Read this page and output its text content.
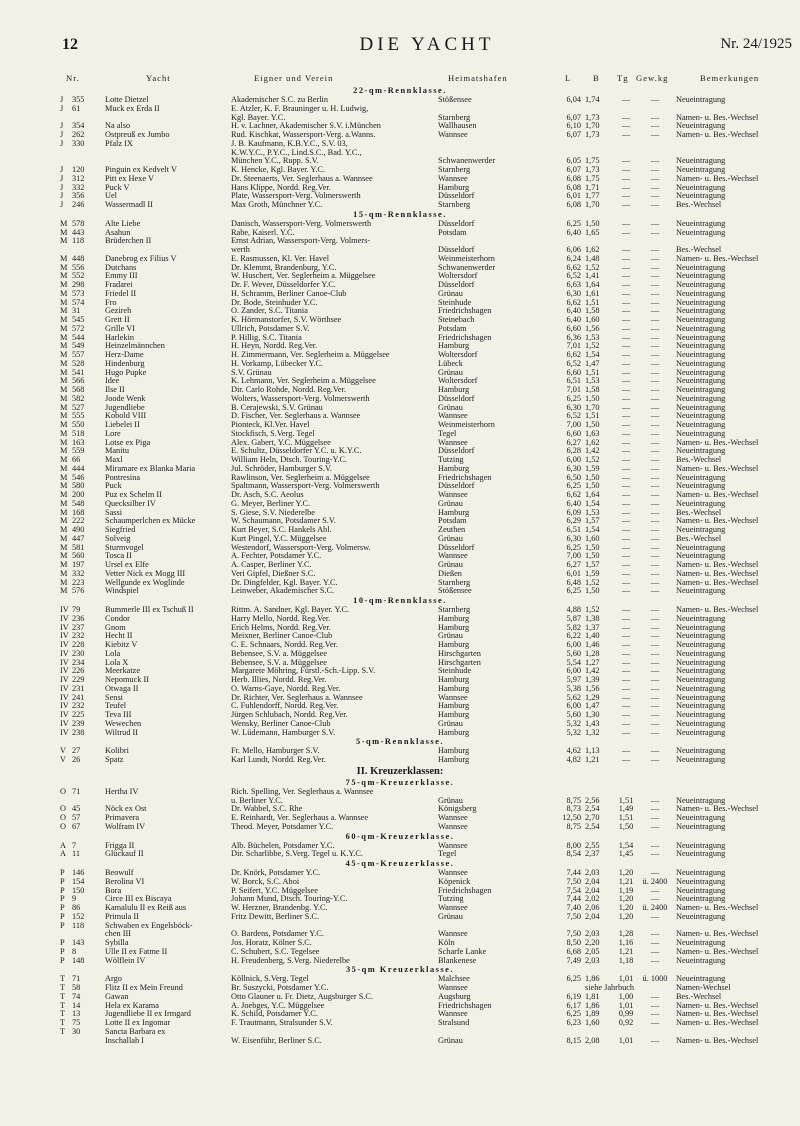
12	DIE YACHT	Nr. 24/1925
Nr.	Yacht	Eigner und Verein	Heimatshafen	L	B Tg Gew.kg	Bemerkungen
22-qm-Rennklasse.
J	355	Lotte Dietzel	Akademischer S.C. zu Berlin	Stößensee	6,04 1,74	—	—	Neueintragung
J	61	Muck ex Erda II	E. Atzler, K. F. Brauninger u. H. Ludwig,
Kgl. Bayer. Y.C.	Starnberg	6,07 1,73	—	—	Namen- u. Bes.-Wechsel
J	354	Na also	H. v. Lachner, Akademischer S.V. i.München	Wallhausen	6,10 1,70	—	—	Neueintragung
J	262	Ostpreuß ex Jumbo	Rud. Kischkat, Wassersport-Verg. a.Wanns.	Wannsee	6,07 1,73	—	—	Namen- u. Bes.-Wechsel
J	330	Pfalz IX	J. B. Kaufmann, K.B.Y.C., S.V. 03,
K.W.Y.C., P.Y.C., Lind.S.C., Bad. Y.C.,
München Y.C., Rupp. S.V.	Schwanenwerder	6,05 1,75	—	—	Neueintragung
J	120	Pinguin ex Kedvelt V	K. Hencke, Kgl. Bayer. Y.C.	Starnberg	6,07 1,73	—	—	Neueintragung
J	312	Pitt ex Hexe V	Dr. Steenaerts, Ver. Seglerhaus a. Wannsee	Wannsee	6,08 1,75	—	—	Namen- u. Bes.-Wechsel
J	332	Puck V	Hans Klippe, Nordd. Reg.Ver.	Hamburg	6,08 1,71	—	—	Neueintragung
J	356	Uel	Plate, Wassersport-Verg. Volmerswerth	Düsseldorf	6,01 1,77	—	—	Neueintragung
J	246	Wassermadl II	Max Groth, Münchner Y.C.	Starnberg	6,08 1,70	—	—	Bes.-Wechsel
15-qm-Rennklasse.
M 578	Alte Liebe	Danisch, Wassersport-Verg. Volmerswerth	Düsseldorf	6,25 1,50	—	—	Neueintragung
M 443	Asahun	Rabe, Kaiserl. Y.C.	Potsdam	6,40 1,65	—	—	Neueintragung
M 118	Brüderchen II	Ernst Adrian, Wassersport-Verg. Volmers-
werth	Düsseldorf	6,06 1,62	—	—	Bes.-Wechsel
M 448	Danebrog ex Filius V	E. Rasmussen, Kl. Ver. Havel	Weinmeisterhorn	6,24 1,48	—	—	Namen- u. Bes.-Wechsel
M 556	Dutchans	Dr. Klemmt, Brandenburg, Y.C.	Schwanenwerder	6,62 1,52	—	—	Neueintragung
M 552	Emmy III	W. Huschert, Ver. Seglerheim a. Müggelsee	Woltersdorf	6,52 1,41	—	—	Neueintragung
M 298	Fradarei	Dr. F. Wever, Düsseldorfer Y.C.	Düsseldorf	6,63 1,64	—	—	Neueintragung
M 573	Friedel II	H. Schramm, Berliner Canoe-Club	Grünau	6,30 1,61	—	—	Neueintragung
M 574	Fro	Dr. Bode, Steinhuder Y.C.	Steinhude	6,62 1,51	—	—	Neueintragung
M 31	Gezireh	O. Zander, S.C. Titania	Friedrichshagen	6,40 1,58	—	—	Neueintragung
M 545	Grett II	K. Hörmanstorfer, S.V. Wörthsee	Steinebach	6,40 1,60	—	—	Neueintragung
M 572	Grille VI	Ullrich, Potsdamer S.V.	Potsdam	6,60 1,56	—	—	Neueintragung
M 544	Harlekin	P. Hillig, S.C. Titania	Friedrichshagen	6,36 1,53	—	—	Neueintragung
M 549	Heinzelmännchen	H. Heyn, Nordd. Reg.Ver.	Hamburg	7,01 1,52	—	—	Neueintragung
M 557	Herz-Dame	H. Zimmermann, Ver. Seglerheim a. Müggelsee	Woltersdorf	6,62 1,54	—	—	Neueintragung
M 528	Hindenburg	H. Vorkamp, Lübecker Y.C.	Lübeck	6,52 1,47	—	—	Neueintragung
M 541	Hugo Pupke	S.V. Grünau	Grünau	6,60 1,51	—	—	Neueintragung
M 566	Idee	K. Lehmann, Ver. Seglerheim a. Müggelsee	Woltersdorf	6,51 1,53	—	—	Neueintragung
M 568	Ilse II	Dir. Carlo Rohde, Nordd. Reg.Ver.	Hamburg	7,01 1,58	—	—	Neueintragung
M 582	Joode Wenk	Wolters, Wassersport-Verg. Volmerswerth	Düsseldorf	6,25 1,50	—	—	Neueintragung
M 527	Jugendliebe	B. Cerajewski, S.V. Grünau	Grünau	6,30 1,70	—	—	Neueintragung
M 555	Kobold VIII	D. Fischer, Ver. Seglerhaus a. Wannsee	Wannsee	6,52 1,51	—	—	Neueintragung
M 550	Liebelei II	Pionteck, Kl.Ver. Havel	Weinmeisterhorn	7,00 1,50	—	—	Neueintragung
M 518	Lore	Stockfisch, S.Verg. Tegel	Tegel	6,60 1,63	—	—	Neueintragung
M 163	Lotse ex Piga	Alex. Gabert, Y.C. Müggelsee	Wannsee	6,27 1,62	—	—	Namen- u. Bes.-Wechsel
M 559	Manitu	E. Schultz, Düsseldorfer Y.C. u. K.Y.C.	Düsseldorf	6,28 1,42	—	—	Neueintragung
M 66	Maxl	William Heln, Dtsch. Touring-Y.C.	Tutzing	6,00 1,52	—	—	Bes.-Wechsel
M 444	Miramare ex Blanka Maria	Jul. Schröder, Hamburger S.V.	Hamburg	6,30 1,59	—	—	Namen- u. Bes.-Wechsel
M 546	Pontresina	Rawlinson, Ver. Seglerheim a. Müggelsee	Friedrichshagen	6,50 1,50	—	—	Neueintragung
M 580	Puck	Spaltmann, Wassersport-Verg. Volmerswerth	Düsseldorf	6,25 1,50	—	—	Neueintragung
M 200	Puz ex Schelm II	Dr. Asch, S.C. Aeolus	Wannsee	6,62 1,64	—	—	Namen- u. Bes.-Wechsel
M 548	Quecksilber IV	G. Meyer, Berliner Y.C.	Grünau	6,40 1,54	—	—	Neueintragung
M 168	Sassi	S. Giese, S.V. Niederelbe	Hamburg	6,09 1,53	—	—	Bes.-Wechsel
M 222	Schaumperlchen ex Mücke	W. Schaumann, Potsdamer S.V.	Potsdam	6,29 1,57	—	—	Namen- u. Bes.-Wechsel
M 490	Siegfried	Kurt Beyer, S.C. Hankels Abl.	Zeuthen	6,51 1,54	—	—	Neueintragung
M 447	Solveig	Kurt Pingel, Y.C. Müggelsee	Grünau	6,30 1,60	—	—	Bes.-Wechsel
M 581	Sturmvogel	Westendorf, Wassersport-Verg. Volmersw.	Düsseldorf	6,25 1,50	—	—	Neueintragung
M 560	Tosca II	A. Fechter, Potsdamer Y.C.	Wannsee	7,00 1,50	—	—	Neueintragung
M 197	Ursel ex Elfe	A. Casper, Berliner Y.C.	Grünau	6,27 1,57	—	—	Namen- u. Bes.-Wechsel
M 332	Vetter Nick ex Mogg III	Veri Gipfel, Dießner S.C.	Dießen	6,01 1,59	—	—	Namen- u. Bes.-Wechsel
M 223	Wellgunde ex Woglinde	Dr. Dingfelder, Kgl. Bayer. Y.C.	Starnberg	6,48 1,52	—	—	Namen- u. Bes.-Wechsel
M 576	Windspiel	Leinweber, Akademischer S.C.	Stößensee	6,25 1,50	—	—	Neueintragung
10-qm-Rennklasse.
IV 79	Bummerle III ex Tschuß II	Rittm. A. Sandner, Kgl. Bayer. Y.C.	Starnberg	4,88 1,52	—	—	Namen- u. Bes.-Wechsel
IV 236	Condor	Harry Mello, Nordd. Reg.Ver.	Hamburg	5,87 1,38	—	—	Neueintragung
IV 237	Gnom	Erich Helms, Nordd. Reg.Ver.	Hamburg	5,82 1,37	—	—	Neueintragung
IV 232	Hecht II	Meixner, Berliner Canoe-Club	Grünau	6,22 1,40	—	—	Neueintragung
IV 228	Kiebitz V	C. E. Schnaars, Nordd. Reg.Ver.	Hamburg	6,00 1,46	—	—	Neueintragung
IV 230	Lola	Bebensee, S.V. a. Müggelsee	Hirschgarten	5,60 1,28	—	—	Neueintragung
IV 234	Lola X	Bebensee, S.V. a. Müggelsee	Hirschgarten	5,54 1,27	—	—	Neueintragung
IV 226	Meerkatze	Margarete Möhring, Fürstl.-Sch.-Lipp. S.V.	Steinhude	6,00 1,42	—	—	Neueintragung
IV 229	Nepomuck II	Herb. Illies, Nordd. Reg.Ver.	Hamburg	5,97 1,39	—	—	Neueintragung
IV 231	Otwaga II	O. Warns-Gaye, Nordd. Reg.Ver.	Hamburg	5,38 1,56	—	—	Neueintragung
IV 241	Sensi	Dr. Richter, Ver. Seglerhaus a. Wannsee	Wannsee	5,62 1,29	—	—	Neueintragung
IV 232	Teufel	C. Fuhlendorff, Nordd. Reg.Ver.	Hamburg	6,00 1,47	—	—	Neueintragung
IV 225	Teva III	Jürgen Schlubach, Nordd. Reg.Ver.	Hamburg	5,60 1,30	—	—	Neueintragung
IV 239	Wewechen	Wensky, Berliner Canoe-Club	Grünau	5,32 1,43	—	—	Neueintragung
IV 238	Wiltrud II	W. Lüdemann, Hamburger S.V.	Hamburg	5,32 1,32	—	—	Neueintragung
5-qm-Rennklasse.
V 27	Kolibri	Fr. Mello, Hamburger S.V.	Hamburg	4,62 1,13	—	—	Neueintragung
V 26	Spatz	Karl Lundt, Nordd. Reg.Ver.	Hamburg	4,82 1,21	—	—	Neueintragung
II. Kreuzerklassen:
75-qm-Kreuzerklasse.
O 71	Hertha IV	Rich. Spelling, Ver. Seglerhaus a. Wannsee
u. Berliner Y.C.	Grünau	8,75 2,56	1,51	—	Neueintragung
O 45	Nöck ex Ost	Dr. Wabbel, S.C. Rhe	Königsberg	8,73 2,54	1,49	—	Namen- u. Bes.-Wechsel
O 57	Primavera	E. Reinhardt, Ver. Seglerhaus a. Wannsee	Wannsee	12,50 2,70	1,51	—	Neueintragung
O 67	Wolfram IV	Theod. Meyer, Potsdamer Y.C.	Wannsee	8,75 2,54	1,50	—	Neueintragung
60-qm-Kreuzerklasse.
A 7	Frigga II	Alb. Büchelen, Potsdamer Y.C.	Wannsee	8,00 2,55	1,54	—	Neueintragung
A 11	Glückauf II	Dir. Scharlibbe, S.Verg. Tegel u. K.Y.C.	Tegel	8,54 2,37	1,45	—	Neueintragung
45-qm-Kreuzerklasse.
P 146	Beowulf	Dr. Knörk, Potsdamer Y.C.	Wannsee	7,44 2,03	1,20	—	Neueintragung
P 154	Berolina VI	W. Borck, S.C. Ahoi	Köpenick	7,50 2,04	1,21	ü. 2400	Neueintragung
P 150	Bora	P. Seifert, Y.C. Müggelsee	Friedrichshagen	7,54 2,04	1,19	—	Neueintragung
P 9	Circe III ex Biscaya	Johann Mund, Dtsch. Touring-Y.C.	Tutzing	7,44 2,02	1,20	—	Neueintragung
P 86	Kamalulu II ex Reiß aus	W. Herzner, Brandenbg. Y.C.	Wannsee	7,40 2,06	1,20	ü. 2400	Namen- u. Bes.-Wechsel
P 152	Primula II	Fritz Dewitt, Berliner S.C.	Grünau	7,50 2,04	1,20	—	Neueintragung
P 118	Schwaben ex Engelsböck-
chen III	O. Bardens, Potsdamer Y.C.	Wannsee	7,50 2,03	1,28	—	Namen- u. Bes.-Wechsel
P 143	Sybilla	Jos. Horatz, Kölner S.C.	Köln	8,50 2,20	1,16	—	Neueintragung
P 8	Ulle II ex Fatme II	C. Schubert, S.C. Tegelsee	Scharfe Lanke	6,68 2,05	1,21	—	Namen- u. Bes.-Wechsel
P 148	Wölflein IV	H. Freudenberg, S.Verg. Niederelbe	Blankenese	7,49 2,03	1,18	—	Neueintragung
35-qm Kreuzerklasse.
T 71	Argo	Köllnick, S.Verg. Tegel	Malchsee	6,25 1,86	1,01	ü. 1000	Neueintragung
T 58	Flitz II ex Mein Freund	Br. Suszycki, Potsdamer Y.C.	Wannsee	siehe Jahrbuch	Namen-Wechsel
T 74	Gawan	Otto Glauner u. Fr. Dietz, Augsburger S.C.	Augsburg	6,19 1,81	1,00	—	Bes.-Wechsel
T 14	Hela ex Karama	A. Joebges, Y.C. Müggelsee	Friedrichshagen	6,17 1,86	1,01	—	Namen- u. Bes.-Wechsel
T 13	Jugendliebe II ex Irmgard	K. Schild, Potsdamer Y.C.	Wannsee	6,25 1,89	0,99	—	Namen- u. Bes.-Wechsel
T 75	Lotte II ex Ingomar	F. Trautmann, Stralsunder S.V.	Stralsund	6,23 1,60	0,92	—	Namen- u. Bes.-Wechsel
T 30	Sancta Barbara ex
Inschallah I	W. Eisenführ, Berliner S.C.	Grünau	8,15 2,08	1,01	—	Namen- u. Bes.-Wechsel
